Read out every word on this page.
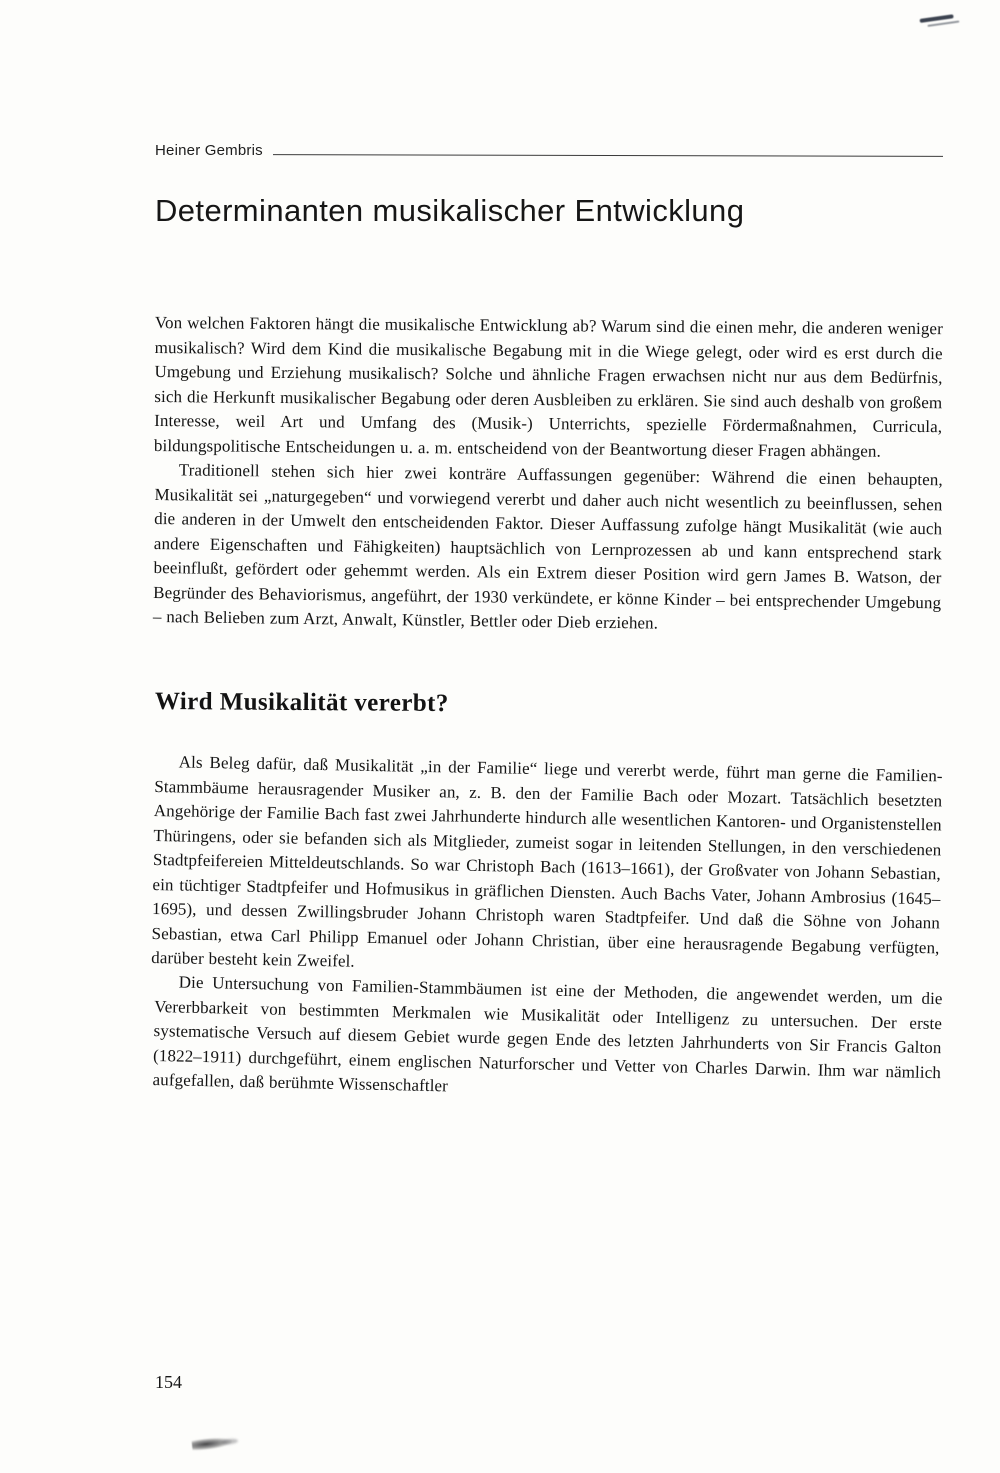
Heiner Gembris
Determinanten musikalischer Entwicklung

Von welchen Faktoren hängt die musikalische Entwicklung ab? Warum sind die einen mehr, die anderen weniger musikalisch? Wird dem Kind die musikalische Begabung mit in die Wiege gelegt, oder wird es erst durch die Umgebung und Erziehung musikalisch? Solche und ähnliche Fragen erwachsen nicht nur aus dem Bedürfnis, sich die Herkunft musikalischer Begabung oder deren Ausbleiben zu erklären. Sie sind auch deshalb von großem Interesse, weil Art und Umfang des (Musik-) Unterrichts, spezielle Fördermaßnahmen, Curricula, bildungspolitische Entscheidungen u. a. m. entscheidend von der Beantwortung dieser Fragen abhängen.

Traditionell stehen sich hier zwei konträre Auffassungen gegenüber: Während die einen behaupten, Musikalität sei „naturgegeben“ und vorwiegend vererbt und daher auch nicht wesentlich zu beeinflussen, sehen die anderen in der Umwelt den entscheidenden Faktor. Dieser Auffassung zufolge hängt Musikalität (wie auch andere Eigenschaften und Fähigkeiten) hauptsächlich von Lernprozessen ab und kann entsprechend stark beeinflußt, gefördert oder gehemmt werden. Als ein Extrem dieser Position wird gern James B. Watson, der Begründer des Behaviorismus, angeführt, der 1930 verkündete, er könne Kinder – bei entsprechender Umgebung – nach Belieben zum Arzt, Anwalt, Künstler, Bettler oder Dieb erziehen.

Wird Musikalität vererbt?

Als Beleg dafür, daß Musikalität „in der Familie“ liege und vererbt werde, führt man gerne die Familien-Stammbäume herausragender Musiker an, z. B. den der Familie Bach oder Mozart. Tatsächlich besetzten Angehörige der Familie Bach fast zwei Jahrhunderte hindurch alle wesentlichen Kantoren- und Organistenstellen Thüringens, oder sie befanden sich als Mitglieder, zumeist sogar in leitenden Stellungen, in den verschiedenen Stadtpfeifereien Mitteldeutschlands. So war Christoph Bach (1613–1661), der Großvater von Johann Sebastian, ein tüchtiger Stadtpfeifer und Hofmusikus in gräflichen Diensten. Auch Bachs Vater, Johann Ambrosius (1645–1695), und dessen Zwillingsbruder Johann Christoph waren Stadtpfeifer. Und daß die Söhne von Johann Sebastian, etwa Carl Philipp Emanuel oder Johann Christian, über eine herausragende Begabung verfügten, darüber besteht kein Zweifel.

Die Untersuchung von Familien-Stammbäumen ist eine der Methoden, die angewendet werden, um die Vererbbarkeit von bestimmten Merkmalen wie Musikalität oder Intelligenz zu untersuchen. Der erste systematische Versuch auf diesem Gebiet wurde gegen Ende des letzten Jahrhunderts von Sir Francis Galton (1822–1911) durchgeführt, einem englischen Naturforscher und Vetter von Charles Darwin. Ihm war nämlich aufgefallen, daß berühmte Wissenschaftler

154
